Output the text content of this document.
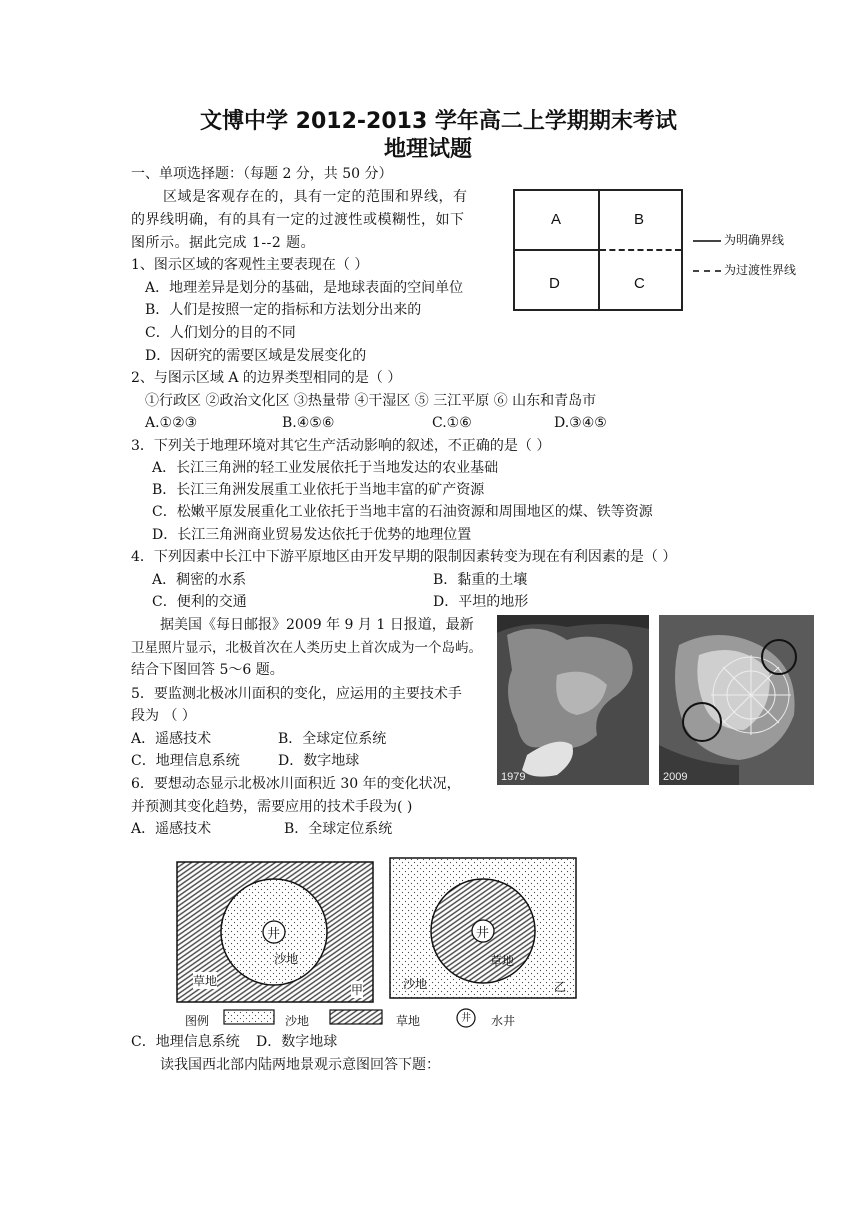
文博中学 2012-2013 学年高二上学期期末考试
地理试题
一、单项选择题：（每题 2 分，共 50 分）
区域是客观存在的，具有一定的范围和界线，有
的界线明确，有的具有一定的过渡性或模糊性，如下
图所示。据此完成 1--2 题。
A	B
D	C
为明确界线
为过渡性界线
1、图示区域的客观性主要表现在（ ）
A．地理差异是划分的基础，是地球表面的空间单位
B．人们是按照一定的指标和方法划分出来的
C．人们划分的目的不同
D．因研究的需要区域是发展变化的
2、与图示区域 A 的边界类型相同的是（ ）
①行政区 ②政治文化区 ③热量带 ④干湿区 ⑤ 三江平原 ⑥ 山东和青岛市
A.①②③	B.④⑤⑥	C.①⑥	D.③④⑤
3．下列关于地理环境对其它生产活动影响的叙述，不正确的是（ ）
A．长江三角洲的轻工业发展依托于当地发达的农业基础
B．长江三角洲发展重工业依托于当地丰富的矿产资源
C．松嫩平原发展重化工业依托于当地丰富的石油资源和周围地区的煤、铁等资源
D．长江三角洲商业贸易发达依托于优势的地理位置
4．下列因素中长江中下游平原地区由开发早期的限制因素转变为现在有利因素的是（ ）
A．稠密的水系	B．黏重的土壤
C．便利的交通	D．平坦的地形
据美国《每日邮报》2009 年 9 月 1 日报道，最新
卫星照片显示，北极首次在人类历史上首次成为一个岛屿。
结合下图回答 5～6 题。
1979	2009
5．要监测北极冰川面积的变化，应运用的主要技术手
段为 （ ）
A．遥感技术	B．全球定位系统
C．地理信息系统	D．数字地球
6．要想动态显示北极冰川面积近 30 年的变化状况，
并预测其变化趋势，需要应用的技术手段为( )
A．遥感技术	B．全球定位系统
井
沙地
草地
甲
井
草地
沙地	乙
图例	沙地	草地	井 水井
C．地理信息系统 D．数字地球
读我国西北部内陆两地景观示意图回答下题：
